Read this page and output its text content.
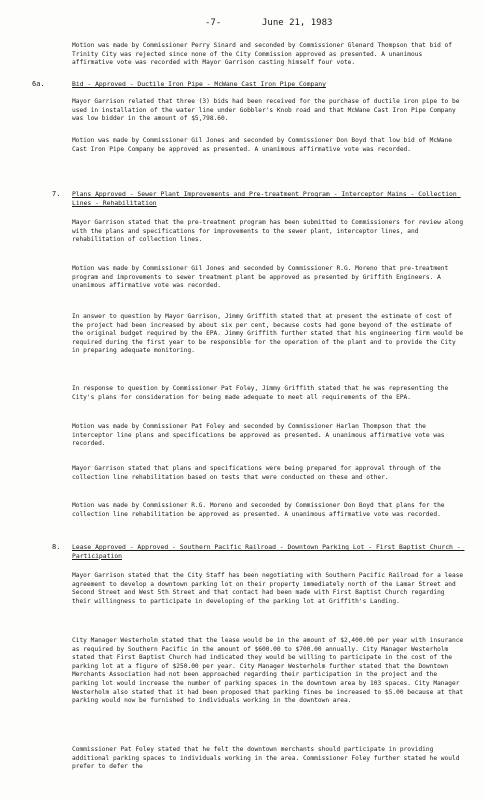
-7-	June 21, 1983

Motion was made by Commissioner Perry Sinard and seconded by Commissioner Glenard Thompson that bid of Trinity City was rejected since none of the City Commission approved as presented. A unanimous affirmative vote was recorded with Mayor Garrison casting himself four vote.

6a.	Bid - Approved - Ductile Iron Pipe - McWane Cast Iron Pipe Company

Mayor Garrison related that three (3) bids had been received for the purchase of ductile iron pipe to be used in installation of the water line under Gobbler's Knob road and that McWane Cast Iron Pipe Company was low bidder in the amount of $5,798.60.

Motion was made by Commissioner Gil Jones and seconded by Commissioner Don Boyd that low bid of McWane Cast Iron Pipe Company be approved as presented. A unanimous affirmative vote was recorded.

7. Plans Approved - Sewer Plant Improvements and Pre-treatment Program - Interceptor Mains - Collection Lines - Rehabilitation

Mayor Garrison stated that the pre-treatment program has been submitted to Commissioners for review along with the plans and specifications for improvements to the sewer plant, interceptor lines, and rehabilitation of collection lines.

Motion was made by Commissioner Gil Jones and seconded by Commissioner R.G. Moreno that pre-treatment program and improvements to sewer treatment plant be approved as presented by Griffith Engineers. A unanimous affirmative vote was recorded.

In answer to question by Mayor Garrison, Jimmy Griffith stated that at present the estimate of cost of the project had been increased by about six per cent, because costs had gone beyond of the estimate of the original budget required by the EPA. Jimmy Griffith further stated that his engineering firm would be required during the first year to be responsible for the operation of the plant and to provide the City in preparing adequate monitoring.

In response to question by Commissioner Pat Foley, Jimmy Griffith stated that he was representing the City's plans for consideration for being made adequate to meet all requirements of the EPA.

Motion was made by Commissioner Pat Foley and seconded by Commissioner Harlan Thompson that the interceptor line plans and specifications be approved as presented. A unanimous affirmative vote was recorded.

Mayor Garrison stated that plans and specifications were being prepared for approval through of the collection line rehabilitation based on tests that were conducted on these and other.

Motion was made by Commissioner R.G. Moreno and seconded by Commissioner Don Boyd that plans for the collection line rehabilitation be approved as presented. A unanimous affirmative vote was recorded.

8. Lease Approved - Approved - Southern Pacific Railroad - Downtown Parking Lot - First Baptist Church - Participation

Mayor Garrison stated that the City Staff has been negotiating with Southern Pacific Railroad for a lease agreement to develop a downtown parking lot on their property immediately north of the Lamar Street and Second Street and West 5th Street and that contact had been made with First Baptist Church regarding their willingness to participate in developing of the parking lot at Griffith's Landing.

City Manager Westerholm stated that the lease would be in the amount of $2,400.00 per year with insurance as required by Southern Pacific in the amount of $600.00 to $700.00 annually. City Manager Westerholm stated that First Baptist Church had indicated they would be willing to participate in the cost of the parking lot at a figure of $250.00 per year. City Manager Westerholm further stated that the Downtown Merchants Association had not been approached regarding their participation in the project and the parking lot would increase the number of parking spaces in the downtown area by 103 spaces. City Manager Westerholm also stated that it had been proposed that parking fines be increased to $5.00 because at that parking would now be furnished to individuals working in the downtown area.

Commissioner Pat Foley stated that he felt the downtown merchants should participate in providing additional parking spaces to individuals working in the area. Commissioner Foley further stated he would prefer to defer the
